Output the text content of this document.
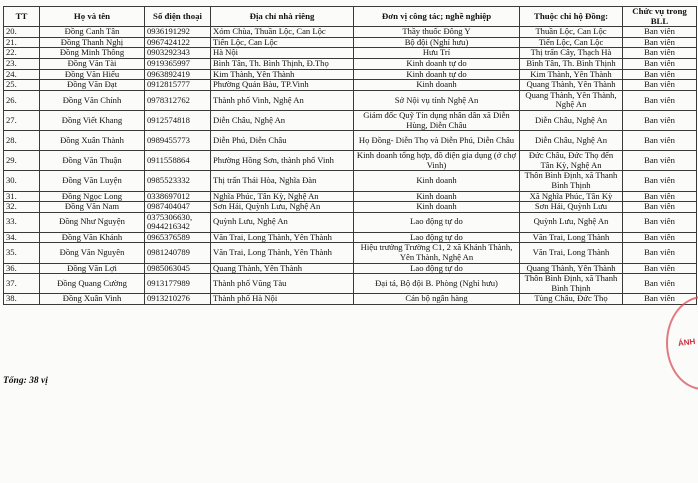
TT	Họ và tên	Số điện thoại	Địa chỉ nhà riêng	Đơn vị công tác; nghề nghiệp	Thuộc chi hộ Đồng:	Chức vụ trong BLL
20.	Đồng Canh Tân	0936191292	Xóm Chùa, Thuần Lộc, Can Lộc	Thầy thuốc Đông Y	Thuần Lộc, Can Lộc	Ban viên
21.	Đồng Thanh Nghị	0967424122	Tiến Lộc, Can Lộc	Bộ đội (Nghỉ hưu)	Tiến Lộc, Can Lộc	Ban viên
22.	Đồng Minh Thông	0903292343	Hà Nội	Hưu Trí	Thị trấn Cây, Thạch Hà	Ban viên
23.	Đồng Văn Tài	0919365997	Bình Tân, Th. Bình Thịnh, Đ.Thọ	Kinh doanh tự do	Bình Tân, Th. Bình Thịnh	Ban viên
24.	Đồng Văn Hiếu	0963892419	Kim Thành, Yên Thành	Kinh doanh tự do	Kim Thành, Yên Thành	Ban viên
25.	Đồng Văn Đạt	0912815777	Phường Quán Bàu, TP.Vinh	Kinh doanh	Quang Thành, Yên Thành	Ban viên
26.	Đồng Văn Chính	0978312762	Thành phố Vinh, Nghệ An	Sở Nội vụ tỉnh Nghệ An	Quang Thành, Yên Thành, Nghệ An	Ban viên
27.	Đồng Viết Khang	0912574818	Diễn Châu, Nghệ An	Giám đốc Quỹ Tín dụng nhân dân xã Diễn Hùng, Diễn Châu	Diễn Châu, Nghệ An	Ban viên
28.	Đồng Xuân Thành	0989455773	Diễn Phú, Diễn Châu	Họ Đồng- Diễn Thọ và Diễn Phú, Diễn Châu	Diễn Châu, Nghệ An	Ban viên
29.	Đồng Văn Thuận	0911558864	Phường Hồng Sơn, thành phố Vinh	Kinh doanh tổng hợp, đồ điện gia dụng (ở chợ Vinh)	Đức Châu, Đức Thọ đến Tân Kỳ, Nghệ An	Ban viên
30.	Đồng Văn Luyện	0985523332	Thị trấn Thái Hòa, Nghĩa Đàn	Kinh doanh	Thôn Bình Định, xã Thanh Bình Thịnh	Ban viên
31.	Đồng Ngọc Long	0338697012	Nghĩa Phúc, Tân Kỳ, Nghệ An	Kinh doanh	Xã Nghĩa Phúc, Tân Kỳ	Ban viên
32.	Đồng Văn Nam	0987404047	Sơn Hải, Quỳnh Lưu, Nghệ An	Kinh doanh	Sơn Hải, Quỳnh Lưu	Ban viên
33.	Đồng Như Nguyện	0375306630, 0944216342	Quỳnh Lưu, Nghệ An	Lao động tự do	Quỳnh Lưu, Nghệ An	Ban viên
34.	Đồng Văn Khánh	0965376589	Văn Trai, Long Thành, Yên Thành	Lao động tự do	Văn Trai, Long Thành	Ban viên
35.	Đồng Văn Nguyên	0981240789	Văn Trai, Long Thành, Yên Thành	Hiệu trưởng Trường C1, 2 xã Khánh Thành, Yên Thành, Nghệ An	Văn Trai, Long Thành	Ban viên
36.	Đồng Văn Lợi	0985063045	Quang Thành, Yên Thành	Lao động tự do	Quang Thành, Yên Thành	Ban viên
37.	Đồng Quang Cường	0913177989	Thành phố Vũng Tàu	Đại tá, Bộ đội B. Phòng (Nghỉ hưu)	Thôn Bình Định, xã Thanh Bình Thịnh	Ban viên
38.	Đồng Xuân Vinh	0913210276	Thành phố Hà Nội	Cán bộ ngân hàng	Tùng Châu, Đức Thọ	Ban viên
Tổng: 38 vị
ÁNH
